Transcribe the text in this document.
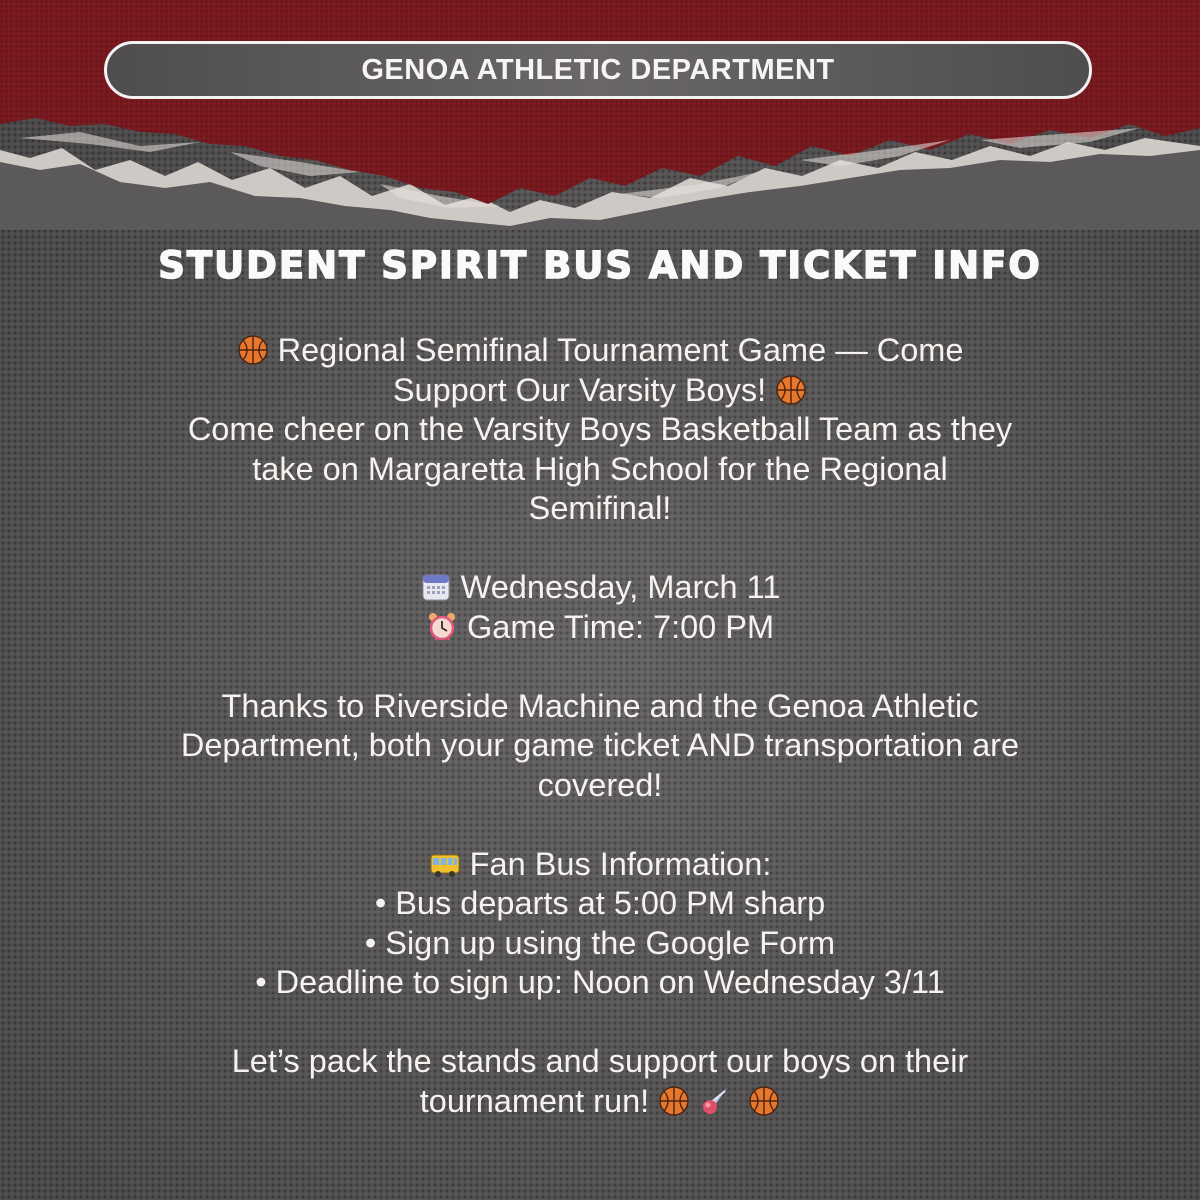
GENOA ATHLETIC DEPARTMENT
STUDENT SPIRIT BUS AND TICKET INFO

Regional Semifinal Tournament Game — Come

Support Our Varsity Boys!

Come cheer on the Varsity Boys Basketball Team as they

take on Margaretta High School for the Regional

Semifinal!

Wednesday, March 11

Game Time: 7:00 PM

Thanks to Riverside Machine and the Genoa Athletic

Department, both your game ticket AND transportation are

covered!

Fan Bus Information:

• Bus departs at 5:00 PM sharp

• Sign up using the Google Form

• Deadline to sign up: Noon on Wednesday 3/11

Let’s pack the stands and support our boys on their

tournament run!
